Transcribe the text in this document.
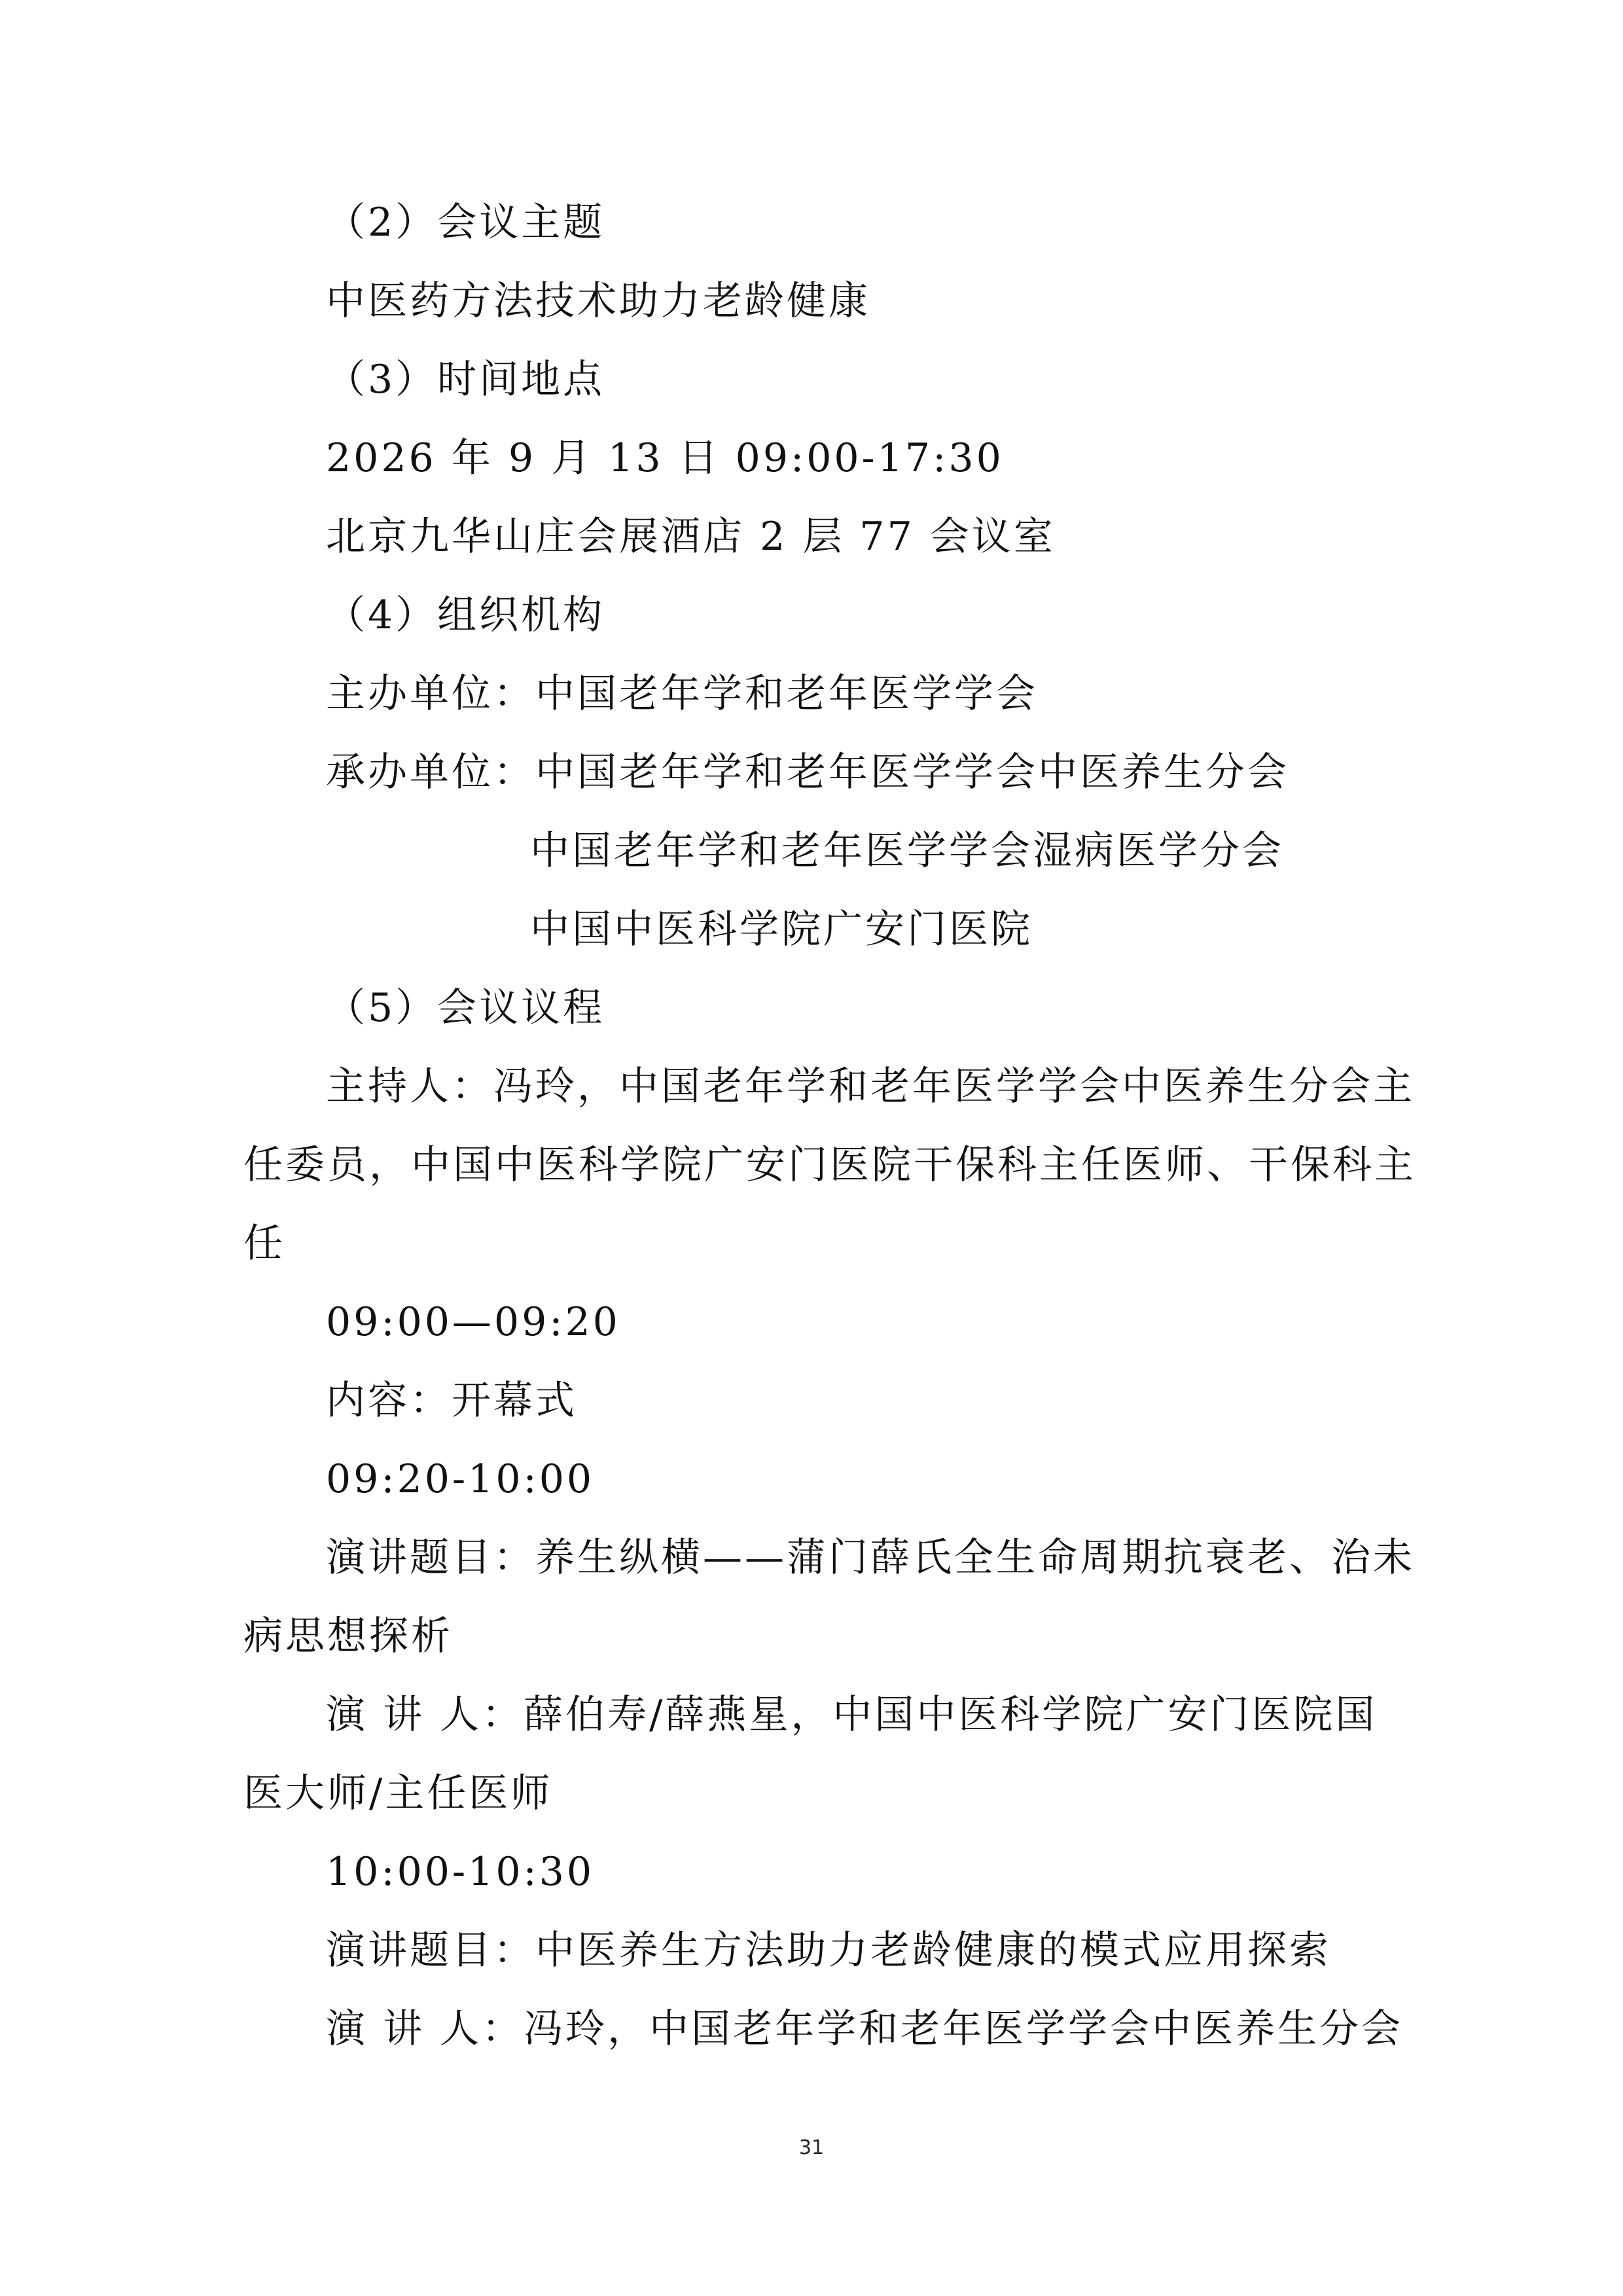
（2）会议主题
中医药方法技术助力老龄健康
（3）时间地点
2026 年 9 月 13 日 09:00-17:30
北京九华山庄会展酒店 2 层 77 会议室
（4）组织机构
主办单位：中国老年学和老年医学学会
承办单位：中国老年学和老年医学学会中医养生分会
中国老年学和老年医学学会湿病医学分会
中国中医科学院广安门医院
（5）会议议程
主持人：冯玲，中国老年学和老年医学学会中医养生分会主
任委员，中国中医科学院广安门医院干保科主任医师、干保科主
任
09:00—09:20
内容：开幕式
09:20-10:00
演讲题目：养生纵横——蒲门薛氏全生命周期抗衰老、治未
病思想探析
演 讲 人：薛伯寿/薛燕星，中国中医科学院广安门医院国
医大师/主任医师
10:00-10:30
演讲题目：中医养生方法助力老龄健康的模式应用探索
演 讲 人：冯玲，中国老年学和老年医学学会中医养生分会
31
